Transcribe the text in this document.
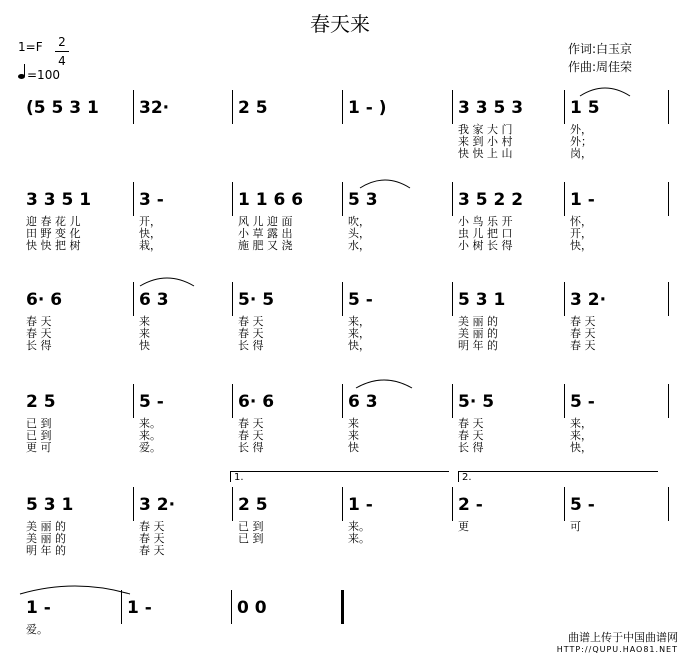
春天来
1=F 2
4
=100
作词:白玉京
作曲:周佳荣
(5 5 3 1 32·	2 5	1 - )	3 3 5 3
我 家 大 门
来 到 小 村
快 快 上 山
1 5
外，
外；
岗，
3 3 5 1
迎 春 花 儿
田 野 变 化
快 快 把 树
3 -
开，
快，
栽，
1 1 6 6
风 儿 迎 面
小 草 露 出
施 肥 又 浇
5 3
吹，
头，
水，
3 5 2 2
小 鸟 乐 开
虫 儿 把 口
小 树 长 得
1 -
怀，
开，
快，
6· 6
春 天
春 天
长 得
6 3
来
来
快
5· 5
春 天
春 天
长 得
5 -
来，
来，
快，
5 3 1
美 丽 的
美 丽 的
明 年 的
3 2·
春 天
春 天
春 天
2 5
已 到
已 到
更 可
5 -
来。
来。
爱。
6· 6
春 天
春 天
长 得
6 3
来
来
快
5· 5
春 天
春 天
长 得
5 -
来，
来，
快，
5 3 1
美 丽 的
美 丽 的
明 年 的
3 2·
春 天
春 天
春 天
2 5
已 到
已 到
1 -
来。
来。
2 -
更
5 -
可
1.	2.
1 -
爱。
1 -	0 0
曲谱上传于中国曲谱网
HTTP://QUPU.HAO81.NET
